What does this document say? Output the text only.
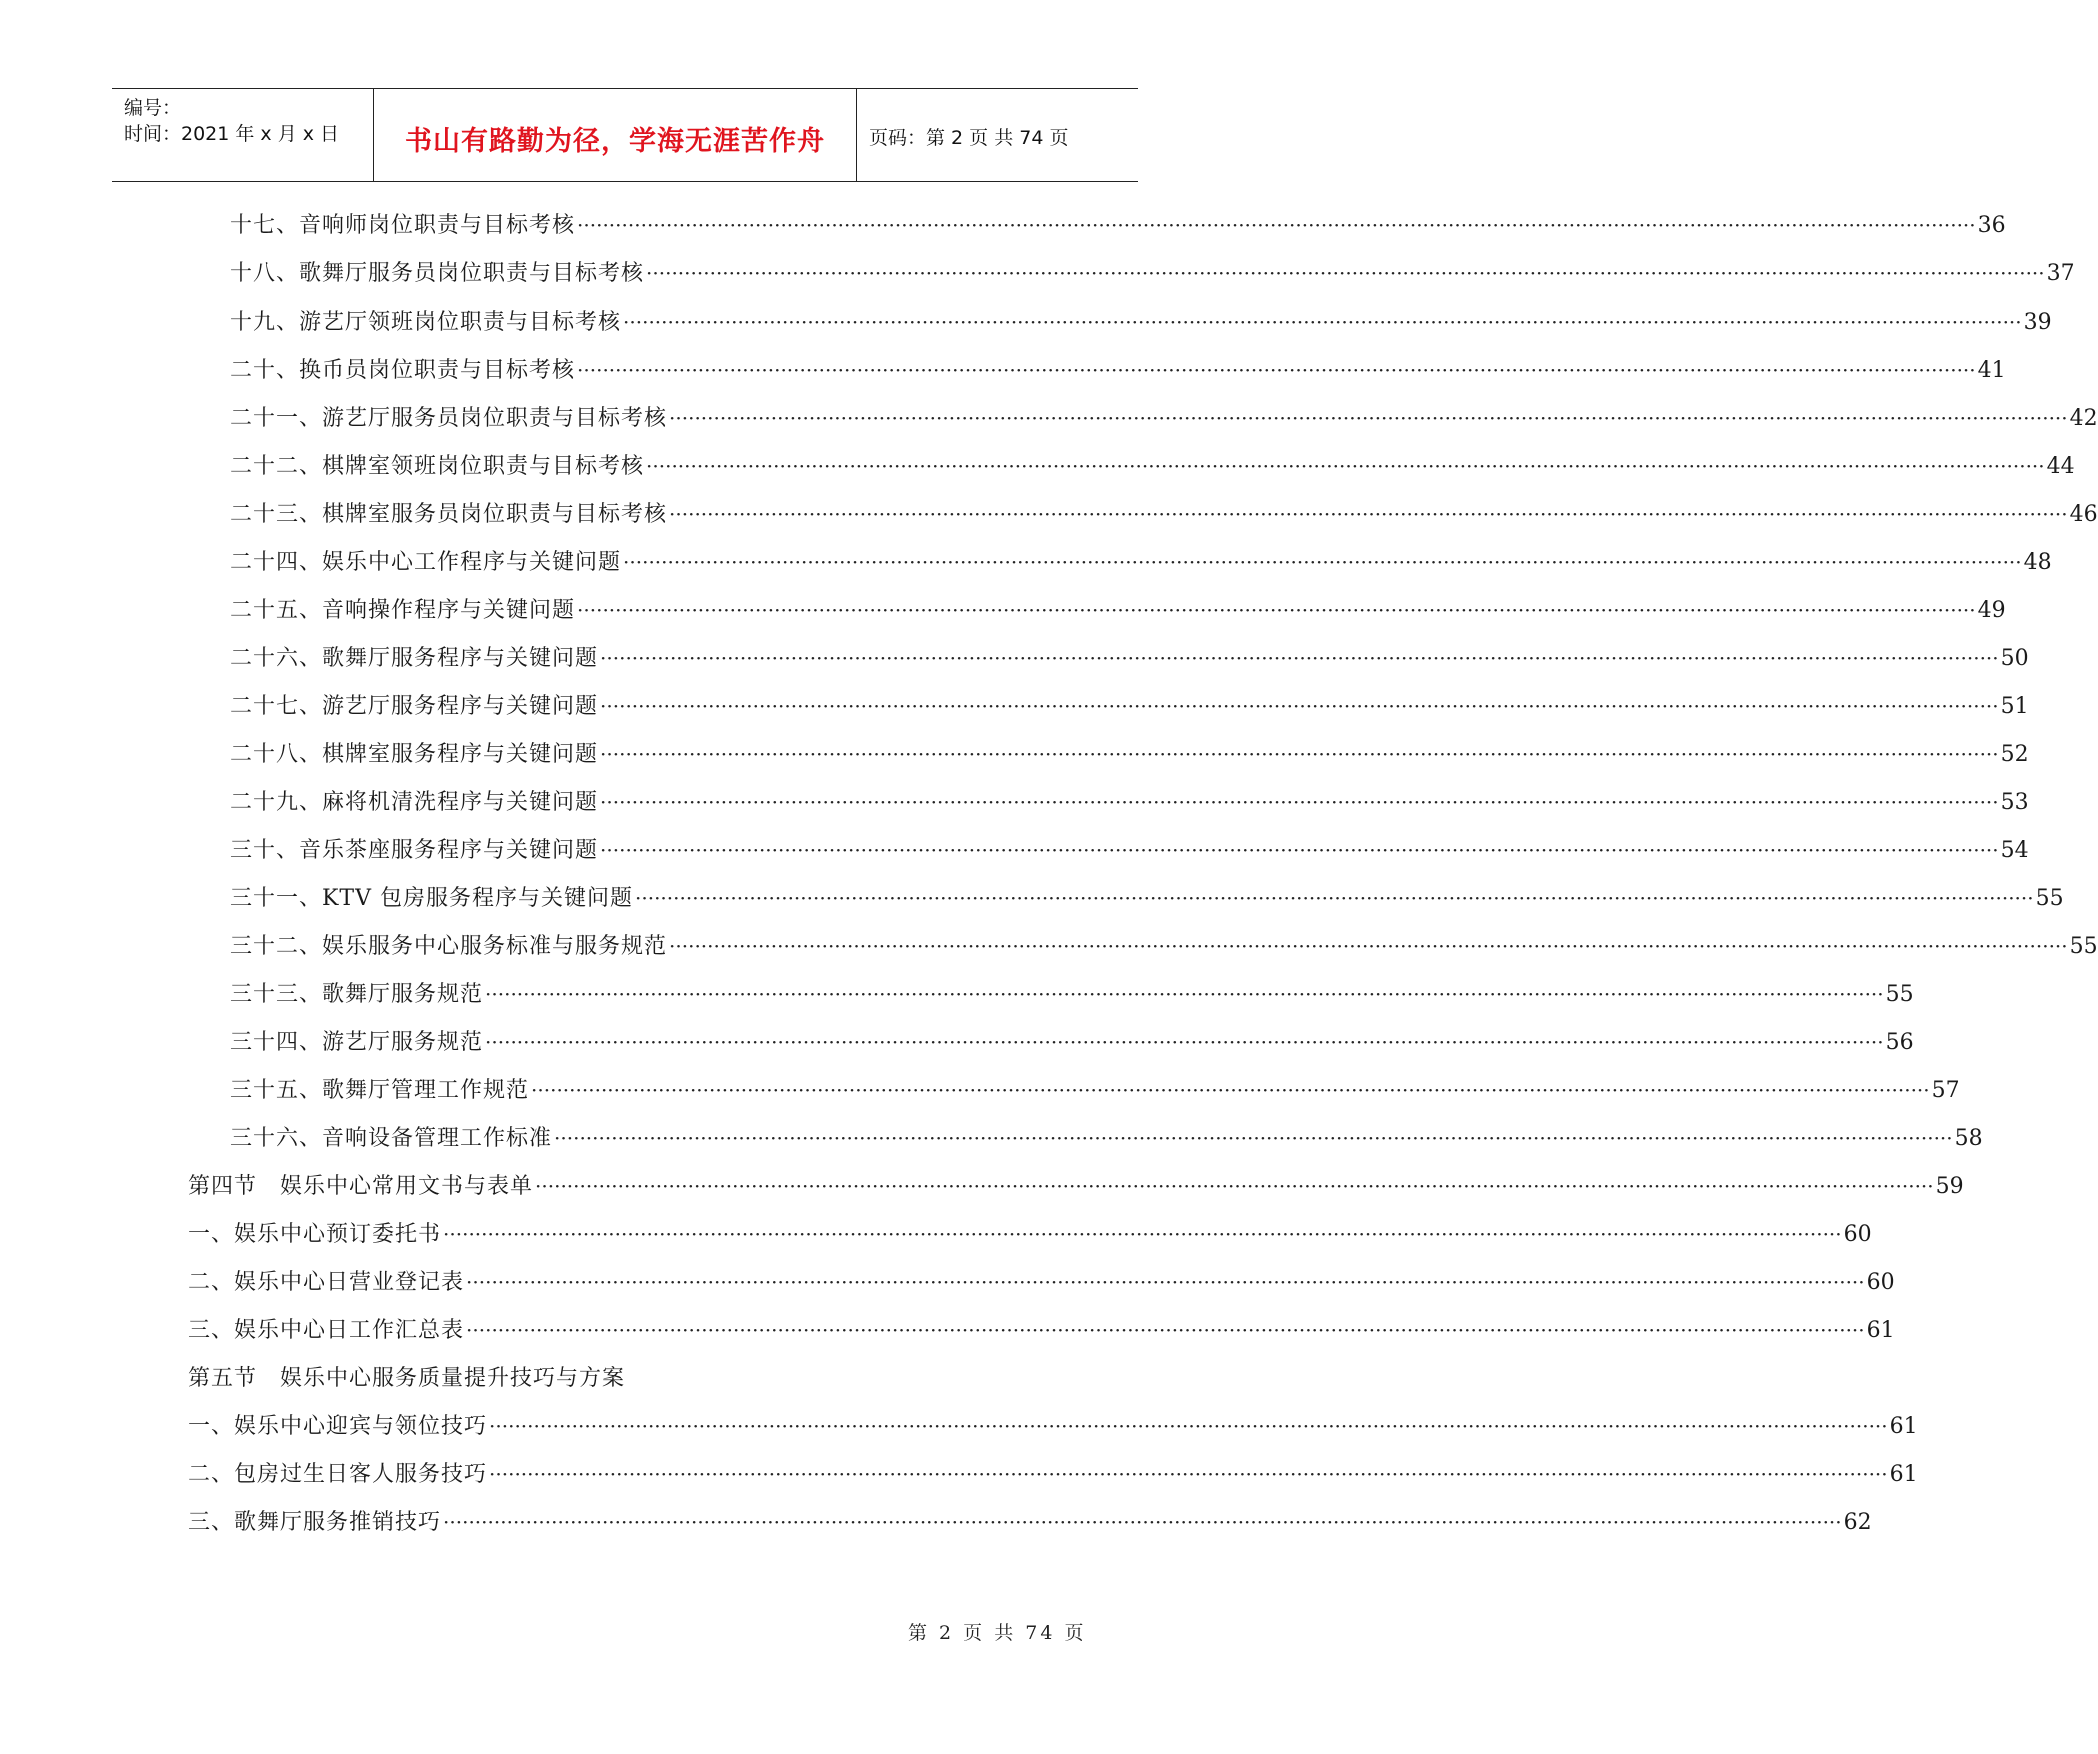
编号：
时间：2021 年 x 月 x 日	书山有路勤为径，学海无涯苦作舟	页码：第 2 页 共 74 页
十七、音响师岗位职责与目标考核 ···························································································································································································································· 36
十八、歌舞厅服务员岗位职责与目标考核 ···························································································································································································································· 37
十九、游艺厅领班岗位职责与目标考核 ···························································································································································································································· 39
二十、换币员岗位职责与目标考核 ···························································································································································································································· 41
二十一、游艺厅服务员岗位职责与目标考核 ···························································································································································································································· 42
二十二、棋牌室领班岗位职责与目标考核 ···························································································································································································································· 44
二十三、棋牌室服务员岗位职责与目标考核 ···························································································································································································································· 46
二十四、娱乐中心工作程序与关键问题 ···························································································································································································································· 48
二十五、音响操作程序与关键问题 ···························································································································································································································· 49
二十六、歌舞厅服务程序与关键问题 ···························································································································································································································· 50
二十七、游艺厅服务程序与关键问题 ···························································································································································································································· 51
二十八、棋牌室服务程序与关键问题 ···························································································································································································································· 52
二十九、麻将机清洗程序与关键问题 ···························································································································································································································· 53
三十、音乐茶座服务程序与关键问题 ···························································································································································································································· 54
三十一、KTV 包房服务程序与关键问题 ···························································································································································································································· 55
三十二、娱乐服务中心服务标准与服务规范 ···························································································································································································································· 55
三十三、歌舞厅服务规范 ···························································································································································································································· 55
三十四、游艺厅服务规范 ···························································································································································································································· 56
三十五、歌舞厅管理工作规范 ···························································································································································································································· 57
三十六、音响设备管理工作标准 ···························································································································································································································· 58
第四节　娱乐中心常用文书与表单 ···························································································································································································································· 59
一、娱乐中心预订委托书 ···························································································································································································································· 60
二、娱乐中心日营业登记表 ···························································································································································································································· 60
三、娱乐中心日工作汇总表 ···························································································································································································································· 61
第五节　娱乐中心服务质量提升技巧与方案
一、娱乐中心迎宾与领位技巧 ···························································································································································································································· 61
二、包房过生日客人服务技巧 ···························································································································································································································· 61
三、歌舞厅服务推销技巧 ···························································································································································································································· 62
第 2 页 共 74 页
